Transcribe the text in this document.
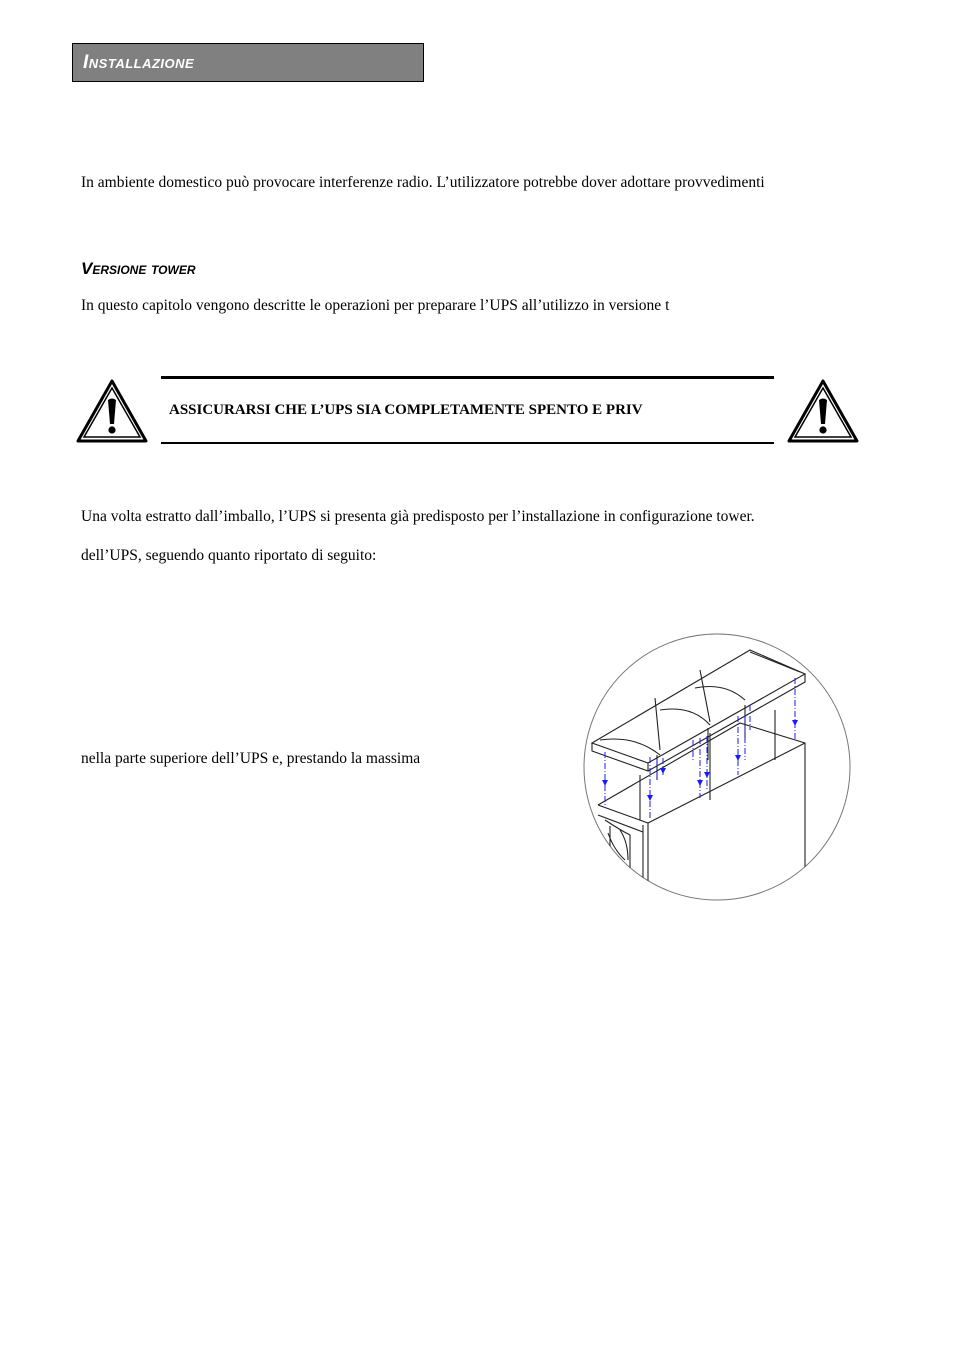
Installazione
In ambiente domestico può provocare interferenze radio. L’utilizzatore potrebbe dover adottare provvedimenti
Versione tower
In questo capitolo vengono descritte le operazioni per preparare l’UPS all’utilizzo in versione t
ASSICURARSI CHE L’UPS SIA COMPLETAMENTE SPENTO E PRIV
Una volta estratto dall’imballo, l’UPS si presenta già predisposto per l’installazione in configurazione tower.
dell’UPS, seguendo quanto riportato di seguito:
nella parte superiore dell’UPS e, prestando la massima
